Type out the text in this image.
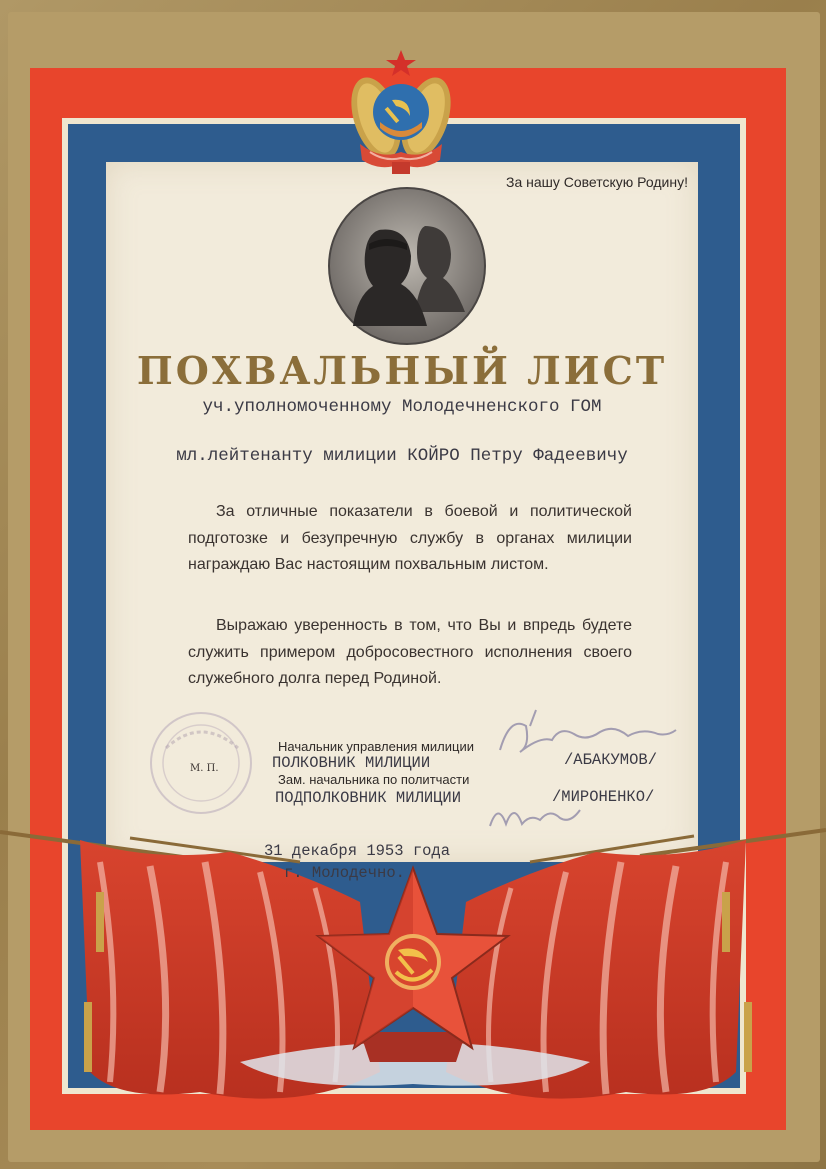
За нашу Советскую Родину!
ПОХВАЛЬНЫЙ ЛИСТ
уч.уполномоченному Молодечненского ГОМ
мл.лейтенанту милиции КОЙРО Петру Фадеевичу
За отличные показатели в боевой и политической подготозке и безупречную службу в органах милиции награждаю Вас настоящим похвальным листом.
Выражаю уверенность в том, что Вы и впредь будете служить примером добросовестного исполнения своего служебного долга перед Родиной.
М. П.
Начальник управления милиции
ПОЛКОВНИК МИЛИЦИИ	/АБАКУМОВ/
Зам. начальника по политчасти
ПОДПОЛКОВНИК МИЛИЦИИ	/МИРОНЕНКО/
31 декабря 1953 года
г. Молодечно.
